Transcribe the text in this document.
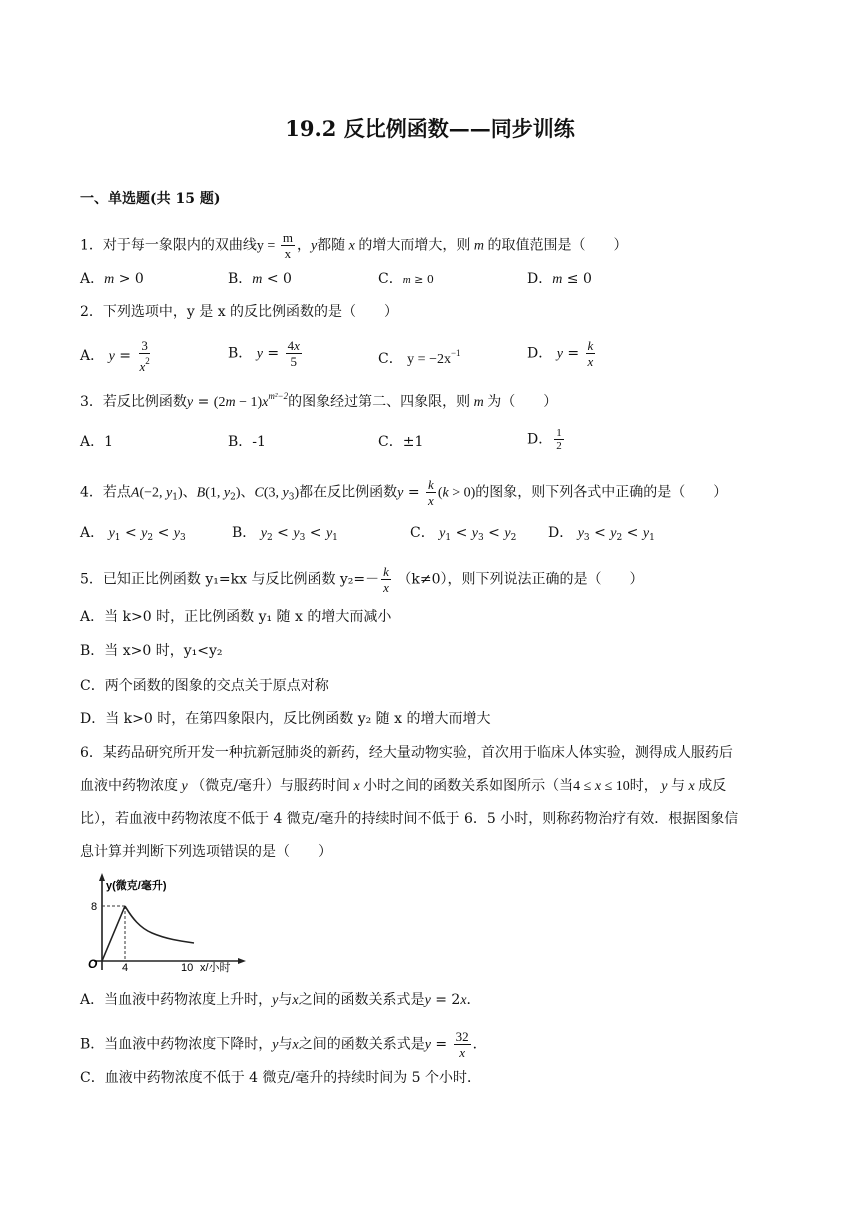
19.2 反比例函数——同步训练
一、单选题(共 15 题)
1．对于每一象限内的双曲线$y = \frac{m}{x}$ ，y都随 x 的增大而增大，则 m 的取值范围是（　　）
A．m > 0	B．m < 0	C．m ≥ 0	D．m ≤ 0
2．下列选项中，y 是 x 的反比例函数的是（　　）
A． $y = \frac{3}{x^2}$	B． $y = \frac{4x}{5}$	C． $y = -2x^{-1}$	D． $y = \frac{k}{x}$
3．若反比例函数$y = (2m - 1)x^{m^2-2}$的图象经过第二、四象限，则 m 为（　　）
A．1	B．-1	C．±1	D． $\frac{1}{2}$
4．若点A(−2, $y_1$)、B(1, $y_2$)、C(3, $y_3$)都在反比例函数$y = \frac{k}{x} (k > 0)$的图象，则下列各式中正确的是（　　）
A． $y_1 < y_2 < y_3$	B． $y_2 < y_3 < y_1$	C． $y_1 < y_3 < y_2$ D． $y_3 < y_2 < y_1$
5．已知正比例函数 y₁=kx 与反比例函数 $y_2=- \frac{k}{x} (k\ne 0)$，则下列说法正确的是（　　）
A．当 k>0 时，正比例函数 y₁ 随 x 的增大而减小
B．当 x>0 时，y₁<y₂
C．两个函数的图象的交点关于原点对称
D．当 k>0 时，在第四象限内，反比例函数 y₂ 随 x 的增大而增大
6．某药品研究所开发一种抗新冠肺炎的新药，经大量动物实验，首次用于临床人体实验，测得成人服药后
血液中药物浓度 y （微克/毫升）与服药时间 x 小时之间的函数关系如图所示（当4 ≤ x ≤ 10时， y 与 x 成反
比），若血液中药物浓度不低于 4 微克/毫升的持续时间不低于 6．5 小时，则称药物治疗有效．根据图象信
息计算并判断下列选项错误的是（　　）
y(微克/毫升)
x/小时
O
8
4	10
A．当血液中药物浓度上升时，y与x之间的函数关系式是y = 2x．
B．当血液中药物浓度下降时，y与x之间的函数关系式是$y = \frac{32}{x}$ ．
C．血液中药物浓度不低于 4 微克/毫升的持续时间为 5 个小时．
